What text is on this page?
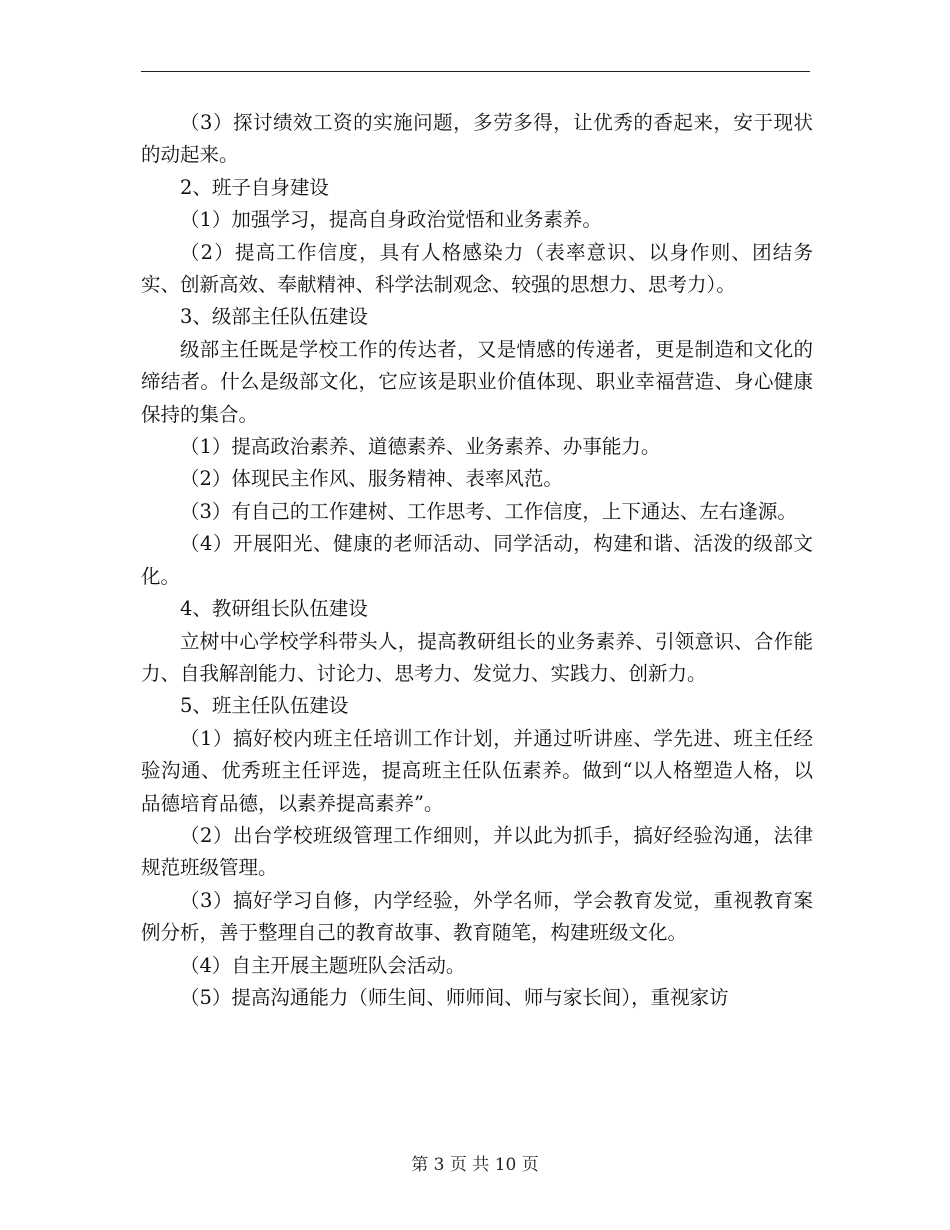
（3）探讨绩效工资的实施问题，多劳多得，让优秀的香起来，安于现状的动起来。

2、班子自身建设

（1）加强学习，提高自身政治觉悟和业务素养。

（2）提高工作信度，具有人格感染力（表率意识、以身作则、团结务实、创新高效、奉献精神、科学法制观念、较强的思想力、思考力）。

3、级部主任队伍建设

级部主任既是学校工作的传达者，又是情感的传递者，更是制造和文化的缔结者。什么是级部文化，它应该是职业价值体现、职业幸福营造、身心健康保持的集合。

（1）提高政治素养、道德素养、业务素养、办事能力。

（2）体现民主作风、服务精神、表率风范。

（3）有自己的工作建树、工作思考、工作信度，上下通达、左右逢源。

（4）开展阳光、健康的老师活动、同学活动，构建和谐、活泼的级部文化。

4、教研组长队伍建设

立树中心学校学科带头人，提高教研组长的业务素养、引领意识、合作能力、自我解剖能力、讨论力、思考力、发觉力、实践力、创新力。

5、班主任队伍建设

（1）搞好校内班主任培训工作计划，并通过听讲座、学先进、班主任经验沟通、优秀班主任评选，提高班主任队伍素养。做到“以人格塑造人格，以品德培育品德，以素养提高素养”。

（2）出台学校班级管理工作细则，并以此为抓手，搞好经验沟通，法律规范班级管理。

（3）搞好学习自修，内学经验，外学名师，学会教育发觉，重视教育案例分析，善于整理自己的教育故事、教育随笔，构建班级文化。

（4）自主开展主题班队会活动。

（5）提高沟通能力（师生间、师师间、师与家长间），重视家访

第 3 页 共 10 页
